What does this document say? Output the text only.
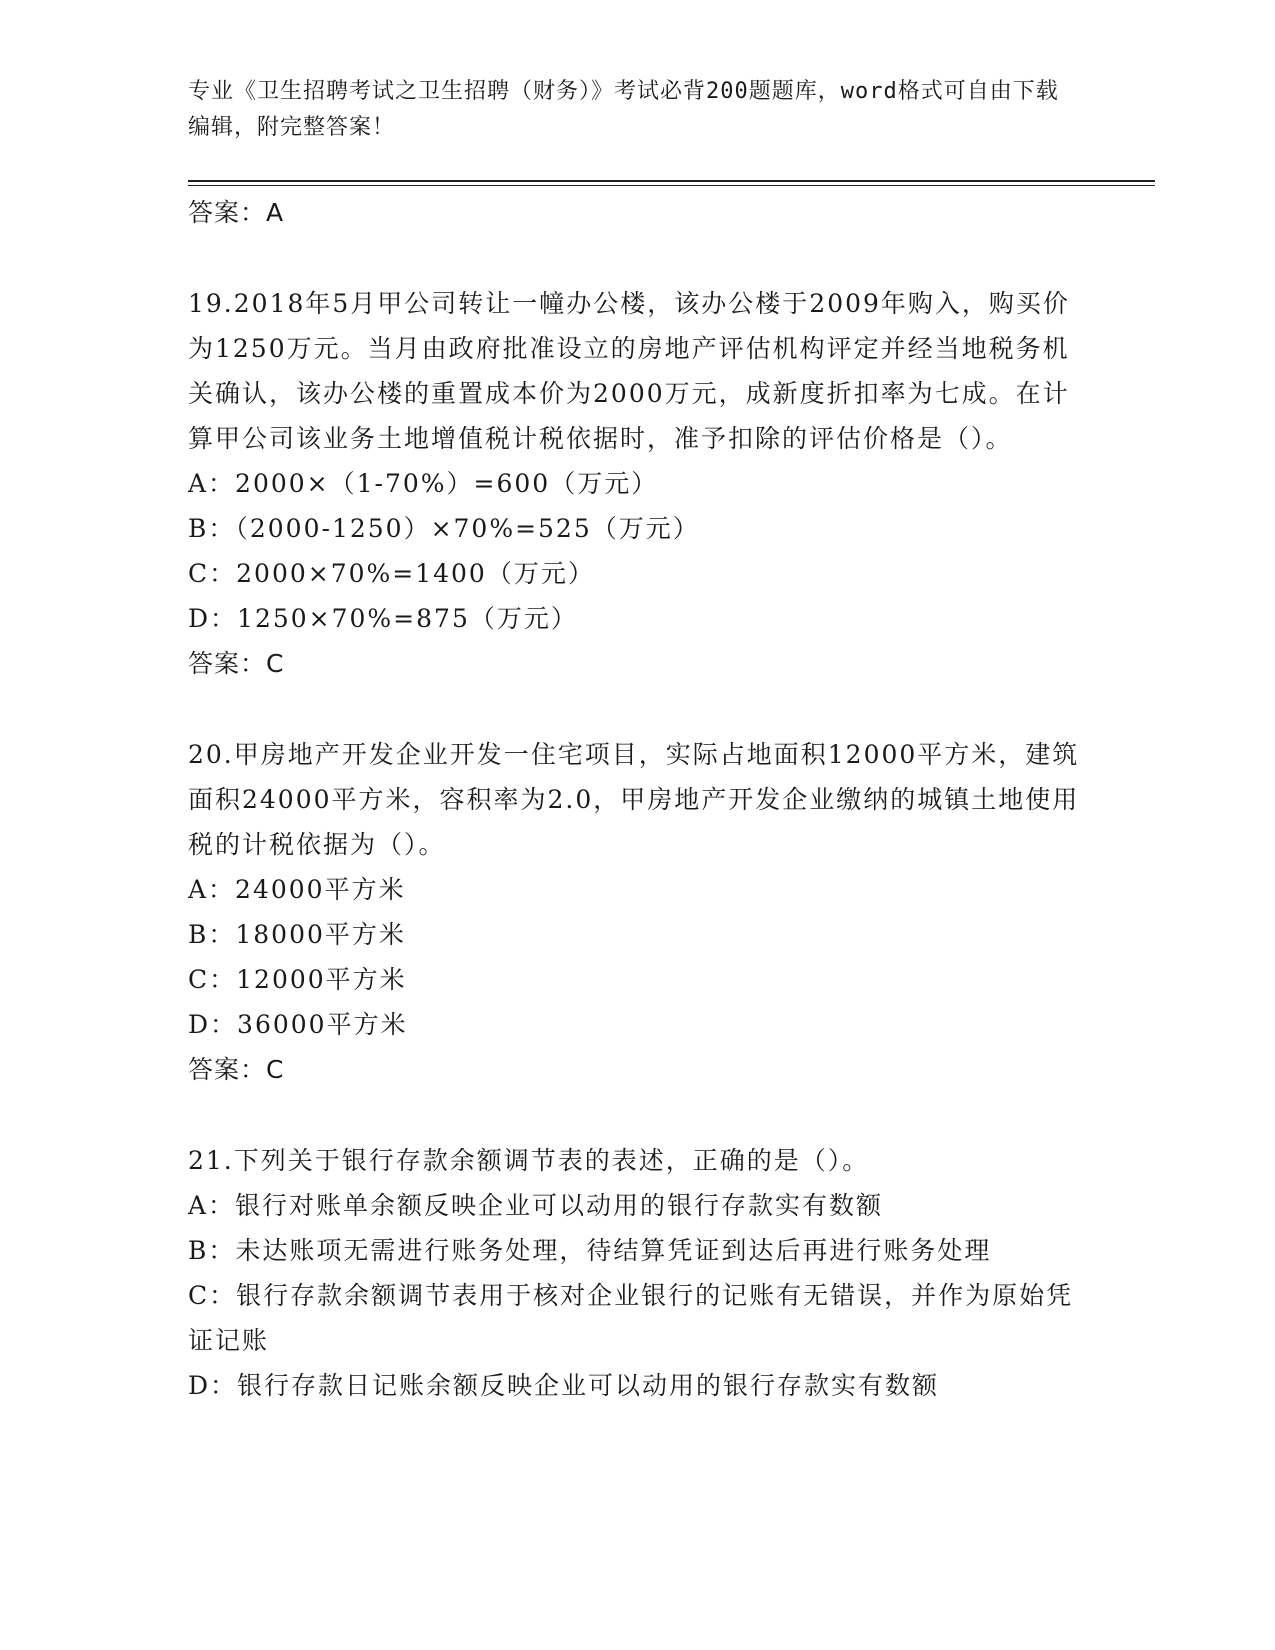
专业《卫生招聘考试之卫生招聘（财务）》考试必背200题题库，word格式可自由下载编辑，附完整答案！
答案：A
19.2018年5月甲公司转让一幢办公楼，该办公楼于2009年购入，购买价为1250万元。当月由政府批准设立的房地产评估机构评定并经当地税务机关确认，该办公楼的重置成本价为2000万元，成新度折扣率为七成。在计算甲公司该业务土地增值税计税依据时，准予扣除的评估价格是（）。
A：2000×（1-70%）=600（万元）
B：（2000-1250）×70%=525（万元）
C：2000×70%=1400（万元）
D：1250×70%=875（万元）
答案：C
20.甲房地产开发企业开发一住宅项目，实际占地面积12000平方米，建筑面积24000平方米，容积率为2.0，甲房地产开发企业缴纳的城镇土地使用税的计税依据为（）。
A：24000平方米
B：18000平方米
C：12000平方米
D：36000平方米
答案：C
21.下列关于银行存款余额调节表的表述，正确的是（）。
A：银行对账单余额反映企业可以动用的银行存款实有数额
B：未达账项无需进行账务处理，待结算凭证到达后再进行账务处理
C：银行存款余额调节表用于核对企业银行的记账有无错误，并作为原始凭证记账
D：银行存款日记账余额反映企业可以动用的银行存款实有数额
